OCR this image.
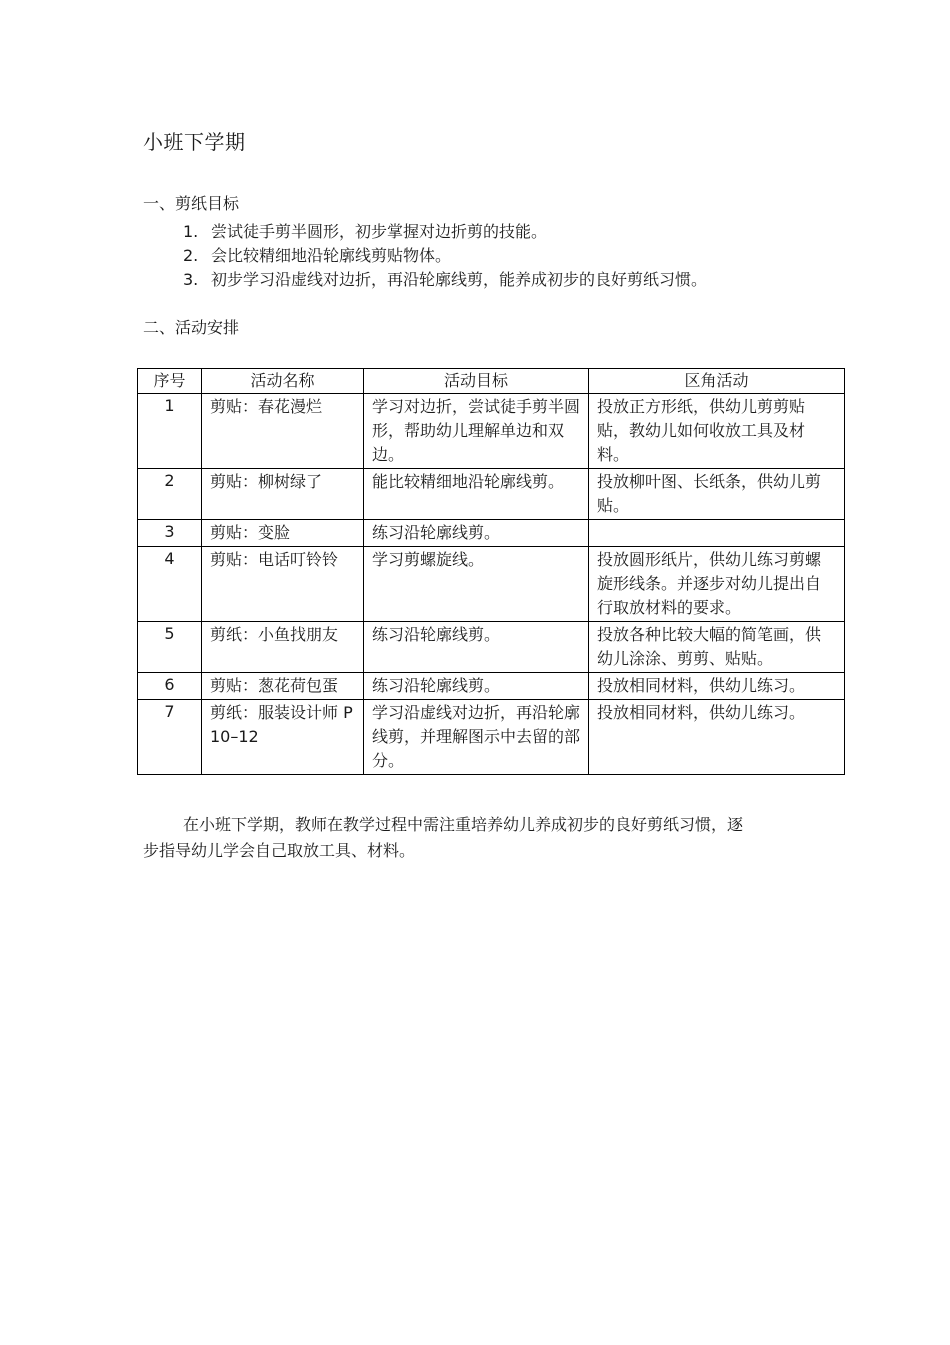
小班下学期
一、剪纸目标
1. 尝试徒手剪半圆形，初步掌握对边折剪的技能。
2. 会比较精细地沿轮廓线剪贴物体。
3. 初步学习沿虚线对边折，再沿轮廓线剪，能养成初步的良好剪纸习惯。
二、活动安排
序号	活动名称	活动目标	区角活动
1	剪贴：春花漫烂	学习对边折，尝试徒手剪半圆形，帮助幼儿理解单边和双边。	投放正方形纸，供幼儿剪剪贴贴，教幼儿如何收放工具及材料。
2	剪贴：柳树绿了	能比较精细地沿轮廓线剪。	投放柳叶图、长纸条，供幼儿剪贴。
3	剪贴：变脸	练习沿轮廓线剪。	
4	剪贴：电话叮铃铃	学习剪螺旋线。	投放圆形纸片，供幼儿练习剪螺旋形线条。并逐步对幼儿提出自行取放材料的要求。
5	剪纸：小鱼找朋友	练习沿轮廓线剪。	投放各种比较大幅的简笔画，供幼儿涂涂、剪剪、贴贴。
6	剪贴：葱花荷包蛋	练习沿轮廓线剪。	投放相同材料，供幼儿练习。
7	剪纸：服装设计师 P10–12	学习沿虚线对边折，再沿轮廓线剪，并理解图示中去留的部分。	投放相同材料，供幼儿练习。

在小班下学期，教师在教学过程中需注重培养幼儿养成初步的良好剪纸习惯，逐步指导幼儿学会自己取放工具、材料。
